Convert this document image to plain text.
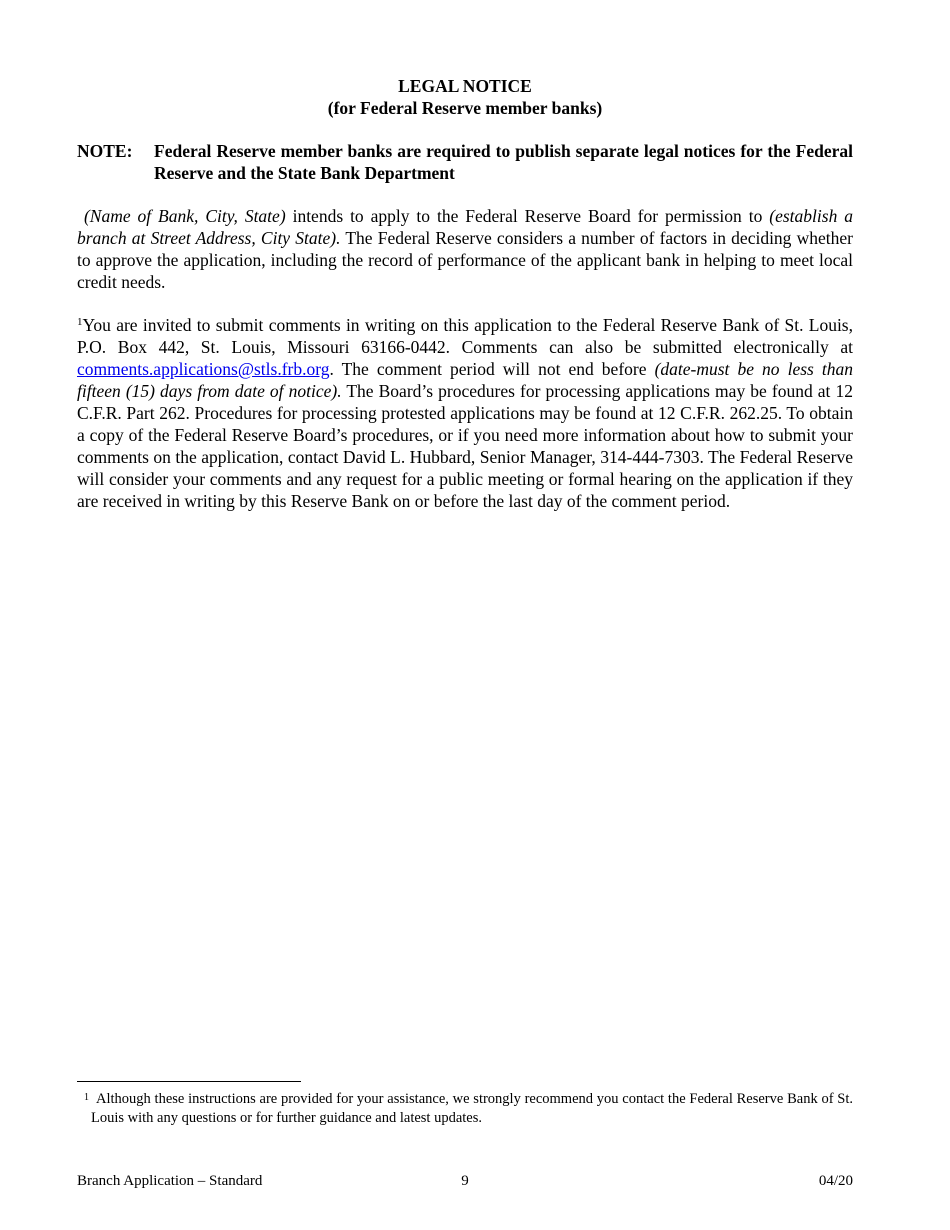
LEGAL NOTICE
(for Federal Reserve member banks)
NOTE: Federal Reserve member banks are required to publish separate legal notices for the Federal Reserve and the State Bank Department
(Name of Bank, City, State) intends to apply to the Federal Reserve Board for permission to (establish a branch at Street Address, City State). The Federal Reserve considers a number of factors in deciding whether to approve the application, including the record of performance of the applicant bank in helping to meet local credit needs.
$^1$You are invited to submit comments in writing on this application to the Federal Reserve Bank of St. Louis, P.O. Box 442, St. Louis, Missouri 63166-0442. Comments can also be submitted electronically at comments.applications@stls.frb.org. The comment period will not end before (date-must be no less than fifteen (15) days from date of notice). The Board’s procedures for processing applications may be found at 12 C.F.R. Part 262. Procedures for processing protested applications may be found at 12 C.F.R. 262.25. To obtain a copy of the Federal Reserve Board’s procedures, or if you need more information about how to submit your comments on the application, contact David L. Hubbard, Senior Manager, 314-444-7303. The Federal Reserve will consider your comments and any request for a public meeting or formal hearing on the application if they are received in writing by this Reserve Bank on or before the last day of the comment period.
1 Although these instructions are provided for your assistance, we strongly recommend you contact the Federal Reserve Bank of St. Louis with any questions or for further guidance and latest updates.
Branch Application – Standard	9	04/20
